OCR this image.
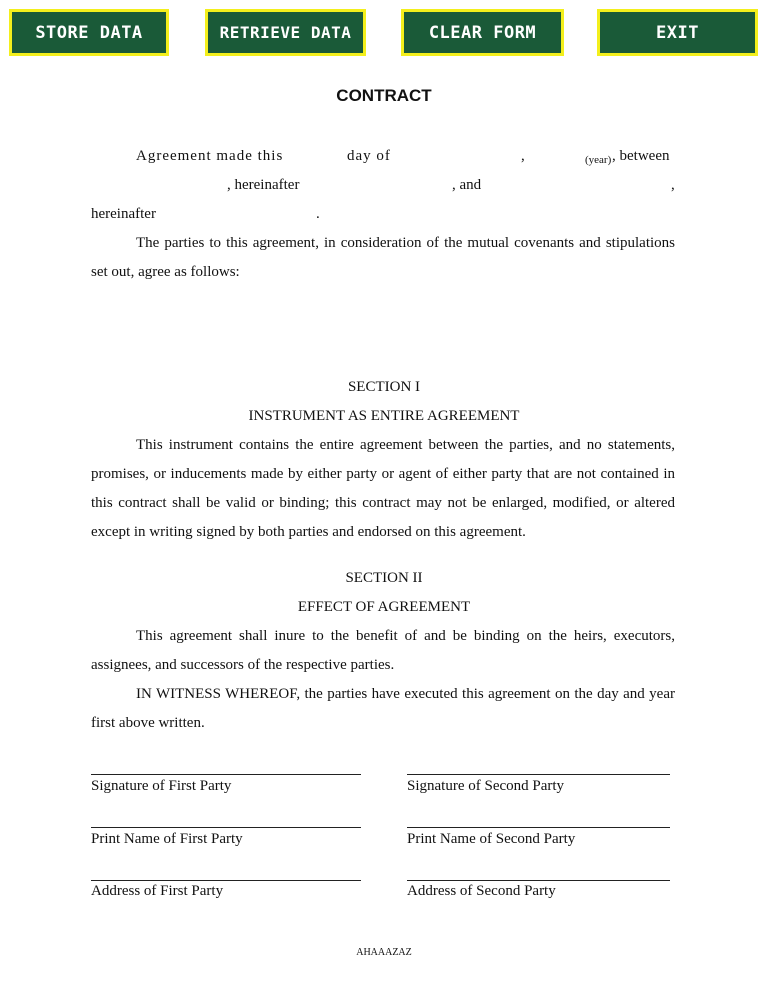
STORE DATA	RETRIEVE DATA	CLEAR FORM	EXIT
CONTRACT
Agreement made this	day of	,	(year) , between
, hereinafter	, and	,
hereinafter	.
The parties to this agreement, in consideration of the mutual covenants and stipulations
set out, agree as follows:
SECTION I
INSTRUMENT AS ENTIRE AGREEMENT
This instrument contains the entire agreement between the parties, and no statements,
promises, or inducements made by either party or agent of either party that are not contained in
this contract shall be valid or binding; this contract may not be enlarged, modified, or altered
except in writing signed by both parties and endorsed on this agreement.
SECTION II
EFFECT OF AGREEMENT
This agreement shall inure to the benefit of and be binding on the heirs, executors,
assignees, and successors of the respective parties.
IN WITNESS WHEREOF, the parties have executed this agreement on the day and year
first above written.
Signature of First Party	Signature of Second Party
Print Name of First Party	Print Name of Second Party
Address of First Party	Address of Second Party
AHAAAZAZ
